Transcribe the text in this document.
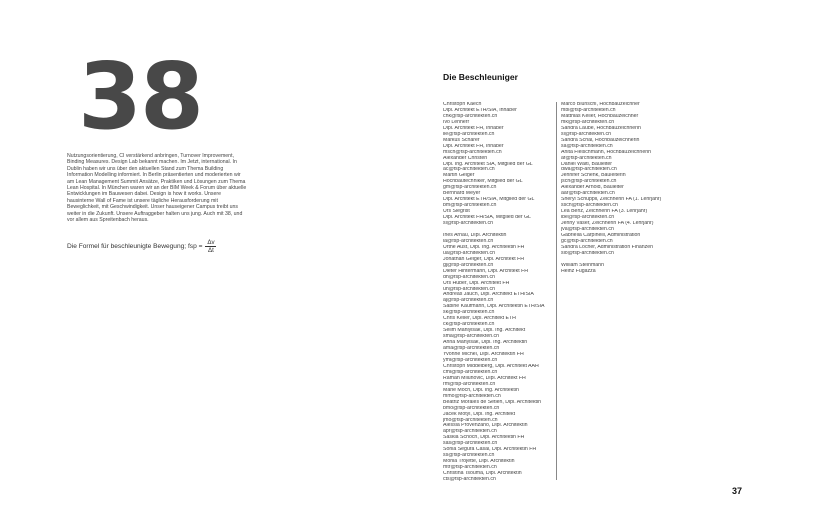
38

Nutzungsorientierung, CI verstärkend anbringen, Turnover Improvement, Binding Measures. Design Lab bekannt machen. Im Jetzt, international. In Dublin haben wir uns über den aktuellen Stand zum Thema Building Information Modelling informiert. In Berlin präsentierten und moderierten wir am Lean Management Summit Ansätze, Praktiken und Lösungen zum Thema Lean Hospital. In München waren wir an der BIM Week & Forum über aktuelle Entwicklungen im Bauwesen dabei. Design is how it works. Unsere hausinterne Wall of Fame ist unsere tägliche Herausforderung mit Beweglichkeit, mit Geschwindigkeit. Unser hauseigener Campus treibt uns weiter in die Zukunft. Unsere Auftraggeber halten uns jung. Auch mit 38, und vor allem aus Spreitenbach heraus.

Die Formel für beschleunigte Bewegung; fsp = $\frac{\Delta v}{\Delta t}$
Die Beschleuniger
Christoph Kaech
Dipl. Architekt ETH/SIA, Inhaber
chk@fsp-architekten.ch
Ivo Lenherr
Dipl. Architekt FH, Inhaber
ile@fsp-architekten.ch
Markus Schärer
Dipl. Architekt FH, Inhaber
msch@fsp-architekten.ch
Alexander Christen
Dipl. Ing. Architekt SIA, Mitglied der GL
ac@fsp-architekten.ch
Martin Geiger
Hochbautechniker, Mitglied der GL
gm@fsp-architekten.ch
Bernhard Meyer
Dipl. Architekt ETH/SIA, Mitglied der GL
bm@fsp-architekten.ch
Urs Siegrist
Dipl. Architekt FH/SIA, Mitglied der GL
si@fsp-architekten.ch
Ines Arnau, Dipl. Architektin
ia@fsp-architekten.ch
Urthe Aust, Dipl. Ing. Architektin FH
ua@fsp-architekten.ch
Jonathan Geiger, Dipl. Architekt FH
gj@fsp-architekten.ch
Dieter Hintermann, Dipl. Architekt FH
dh@fsp-architekten.ch
Urs Huber, Dipl. Architekt FH
uh@fsp-architekten.ch
Andreas Jauch, Dipl. Architekt ETH/SIA
aj@fsp-architekten.ch
Sabine Kaufmann, Dipl. Architektin ETH/SIA
sk@fsp-architekten.ch
Chris Keller, Dipl. Architekt ETH
ck@fsp-architekten.ch
Selim Maniyisak, Dipl. Ing. Architekt
sma@fsp-architekten.ch
Anna Manyisak, Dipl. Ing. Architektin
ama@fsp-architekten.ch
Yvonne Michel, Dipl. Architektin FH
ymi@fsp-architekten.ch
Christoph Middelberg, Dipl. Architekt AAH
cmi@fsp-architekten.ch
Raman Milunovic, Dipl. Architekt FH
rm@fsp-architekten.ch
Marie Moch, Dipl. Ing. Architektin
mmo@fsp-architekten.ch
Beatriz Morales de Setién, Dipl. Architektin
bmo@fsp-architekten.ch
Jacek Motyl, Dipl. Ing. Architekt
jmo@fsp-architekten.ch
Alessia Provenzano, Dipl. Architektin
apr@fsp-architekten.ch
Saskia Schoch, Dipl. Architektin FH
sas@fsp-architekten.ch
Sonia Segura Casal, Dipl. Architektin FH
ss@fsp-architekten.ch
Monia Trojette, Dipl. Architektin
mtr@fsp-architekten.ch
Christina Tsouma, Dipl. Architektin
cts@fsp-architekten.ch
Marco Blunschi, Hochbauzeichner
mbl@fsp-architekten.ch
Matthias Keller, Hochbauzeichner
mk@fsp-architekten.ch
Sandra Laube, Hochbauzeichnerin
sl@fsp-architekten.ch
Sandra Schai, Hochbauzeichnerin
sa@fsp-architekten.ch
Anita Fleischmann, Hochbauzeichnerin
af@fsp-architekten.ch
Daniel Wälti, Bauleiter
dwa@fsp-architekten.ch
Jennifer Schenk, Bauleiterin
jsch@fsp-architekten.ch
Alexander Arnold, Bauleiter
aar@fsp-architekten.ch
Sheryl Schuppli, Zeichnerin FA (1. Lehrjahr)
ssch@fsp-architekten.ch
Lea Benz, Zeichnerin FA (3. Lehrjahr)
lbe@fsp-architekten.ch
Jenny Vaser, Zeichnerin FA (4. Lehrjahr)
jva@fsp-architekten.ch
Gabriella Carpinelli, Administration
gc@fsp-architekten.ch
Sandra Locher, Administration Finanzen
slo@fsp-architekten.ch
William Steinmann
Heinz Fugazza

37
